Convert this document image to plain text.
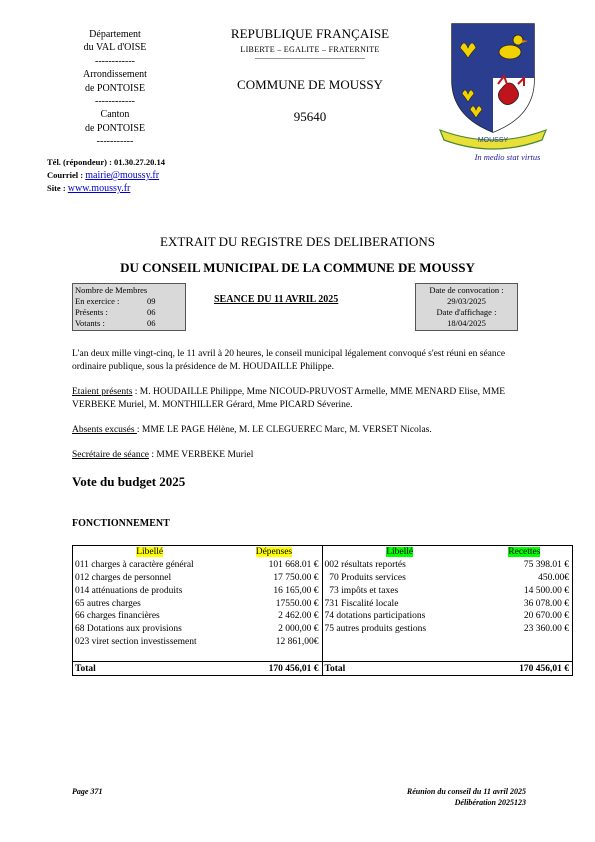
Département
du VAL d'OISE
------------
Arrondissement
de PONTOISE
------------
Canton
de PONTOISE
-----------
REPUBLIQUE FRANÇAISE
LIBERTE – EGALITE – FRATERNITE
COMMUNE DE MOUSSY
95640
Tél. (répondeur) : 01.30.27.20.14
Courriel : mairie@moussy.fr
Site : www.moussy.fr
MOUSSY
In medio stat virtus
EXTRAIT DU REGISTRE DES DELIBERATIONS
DU CONSEIL MUNICIPAL DE LA COMMUNE DE MOUSSY
Nombre de Membres
En exercice :	09
Présents :	06
Votants :	06
SEANCE DU 11 AVRIL 2025
Date de convocation :
29/03/2025
Date d'affichage :
18/04/2025
L'an deux mille vingt-cinq, le 11 avril à 20 heures, le conseil municipal légalement convoqué s'est réuni en séance ordinaire publique, sous la présidence de M. HOUDAILLE Philippe.
Etaient présents : M. HOUDAILLE Philippe, Mme NICOUD-PRUVOST Armelle, MME MENARD Elise, MME VERBEKE Muriel, M. MONTHILLER Gérard, Mme PICARD Séverine.
Absents excusés : MME LE PAGE Hélène, M. LE CLEGUEREC Marc, M. VERSET Nicolas.
Secrétaire de séance : MME VERBEKE Muriel
Vote du budget 2025
FONCTIONNEMENT
Libellé	Dépenses	Libellé	Recettes
011 charges à caractère général	101 668.01 €	002 résultats reportés	75 398.01 €
012 charges de personnel	17 750.00 €	70 Produits services	450.00€
014 atténuations de produits	16 165,00 €	73 impôts et taxes	14 500.00 €
65 autres charges	17550.00 €	731 Fiscalité locale	36 078.00 €
66 charges financières	2 462.00 €	74 dotations participations	20 670.00 €
68 Dotations aux provisions	2 000,00 €	75 autres produits gestions	23 360.00 €
023 viret section investissement	12 861,00€		

Total	170 456,01 €	Total	170 456,01 €
Page 371	Réunion du conseil du 11 avril 2025
Délibération 2025123
